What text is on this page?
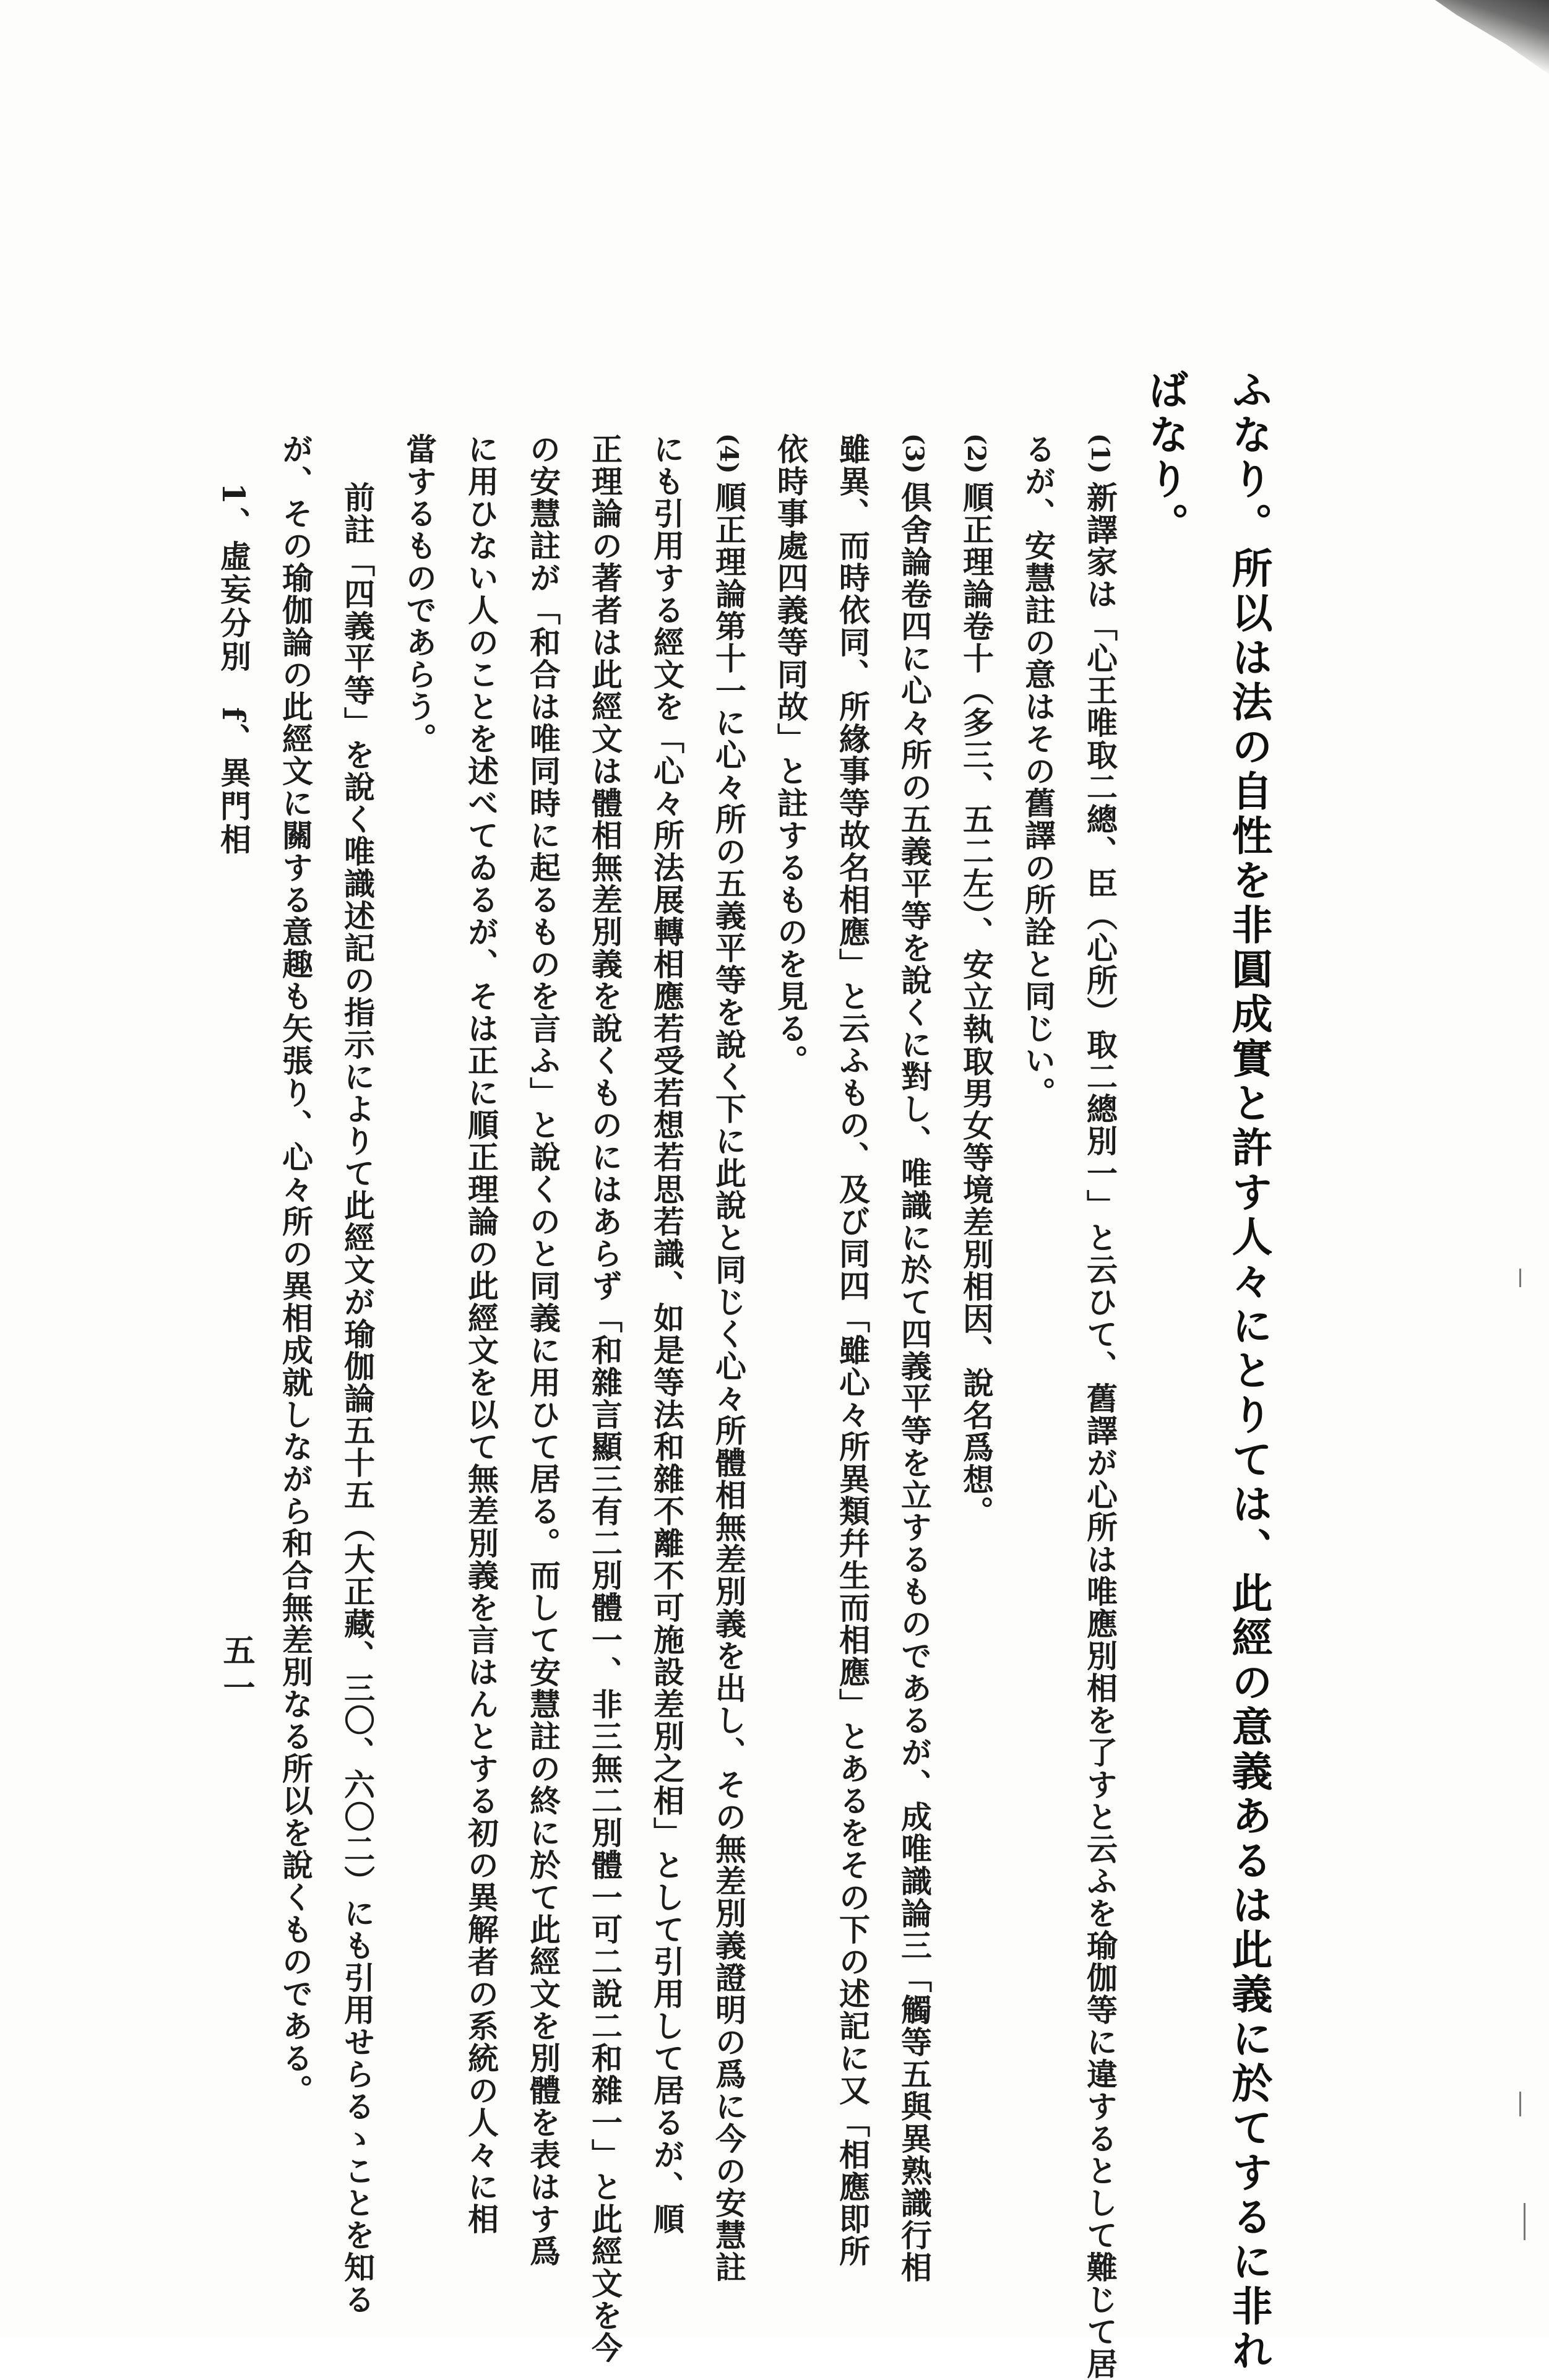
ふなり。所以は法の自性を非圓成實と許す人々にとりては、此經の意義あるは此義に於てするに非れ
ばなり。
(1)
新譯家は「心王唯取二總、臣（心所）取二總別一」と云ひて、舊譯が心所は唯應別相を了すと云ふを瑜伽等に違するとして難じて居
るが、安慧註の意はその舊譯の所詮と同じい。
(2)
順正理論卷十（多三、五二左）、安立執取男女等境差別相因、說名爲想。
(3)
倶舍論卷四に心々所の五義平等を說くに對し、唯識に於て四義平等を立するものであるが、成唯識論三「觸等五與異熟識行相
雖異、而時依同、所緣事等故名相應」と云ふもの、及び同四「雖心々所異類幷生而相應」とあるをその下の述記に又「相應即所
依時事處四義等同故」と註するものを見る。
(4)
順正理論第十一に心々所の五義平等を說く下に此說と同じく心々所體相無差別義を出し、その無差別義證明の爲に今の安慧註
にも引用する經文を「心々所法展轉相應若受若想若思若識、如是等法和雜不離不可施設差別之相」として引用して居るが、順
正理論の著者は此經文は體相無差別義を說くものにはあらず「和雜言顯三有二別體一、非三無二別體一可二說二和雜一」と此經文を今
の安慧註が「和合は唯同時に起るものを言ふ」と說くのと同義に用ひて居る。而して安慧註の終に於て此經文を別體を表はす爲
に用ひない人のことを述べてゐるが、そは正に順正理論の此經文を以て無差別義を言はんとする初の異解者の系統の人々に相
當するものであらう。
前註「四義平等」を說く唯識述記の指示によりて此經文が瑜伽論五十五（大正藏、三〇、六〇二）にも引用せらるゝことを知る
が、その瑜伽論の此經文に關する意趣も矢張り、心々所の異相成就しながら和合無差別なる所以を說くものである。
1、虛妄分別　f、異門相
五一
